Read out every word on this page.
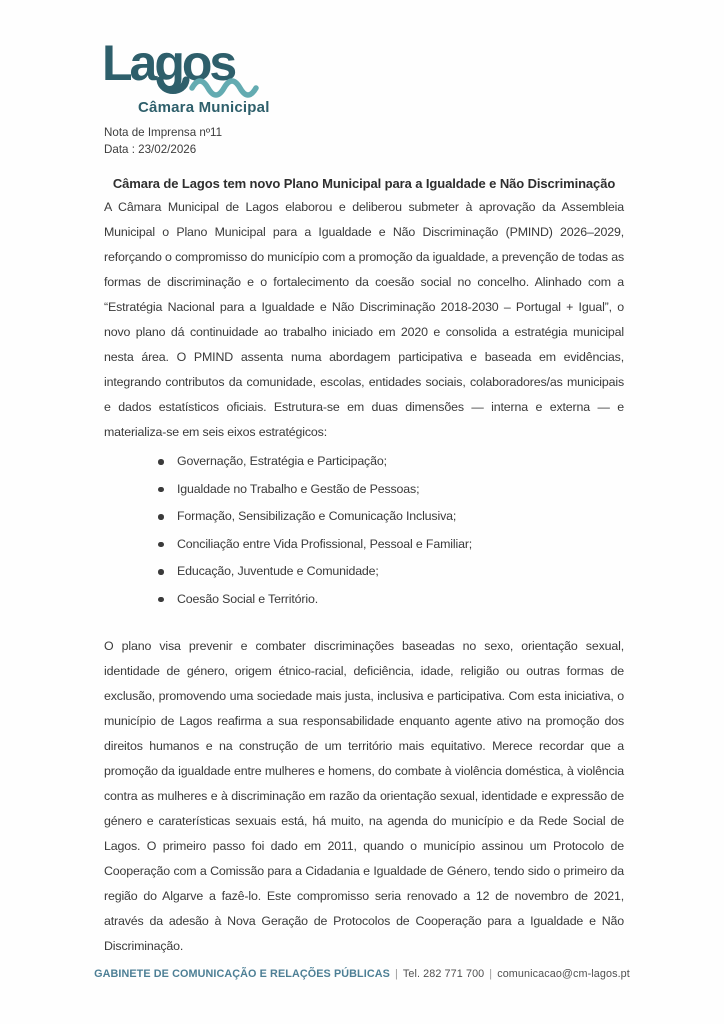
Lagos
Câmara Municipal
Nota de Imprensa nº11
Data : 23/02/2026
Câmara de Lagos tem novo Plano Municipal para a Igualdade e Não Discriminação

A Câmara Municipal de Lagos elaborou e deliberou submeter à aprovação da Assembleia Municipal o Plano Municipal para a Igualdade e Não Discriminação (PMIND) 2026–2029, reforçando o compromisso do município com a promoção da igualdade, a prevenção de todas as formas de discriminação e o fortalecimento da coesão social no concelho. Alinhado com a “Estratégia Nacional para a Igualdade e Não Discriminação 2018-2030 – Portugal + Igual”, o novo plano dá continuidade ao trabalho iniciado em 2020 e consolida a estratégia municipal nesta área. O PMIND assenta numa abordagem participativa e baseada em evidências, integrando contributos da comunidade, escolas, entidades sociais, colaboradores/as municipais e dados estatísticos oficiais. Estrutura-se em duas dimensões — interna e externa — e materializa-se em seis eixos estratégicos:

Governação, Estratégia e Participação;
Igualdade no Trabalho e Gestão de Pessoas;
Formação, Sensibilização e Comunicação Inclusiva;
Conciliação entre Vida Profissional, Pessoal e Familiar;
Educação, Juventude e Comunidade;
Coesão Social e Território.

O plano visa prevenir e combater discriminações baseadas no sexo, orientação sexual, identidade de género, origem étnico-racial, deficiência, idade, religião ou outras formas de exclusão, promovendo uma sociedade mais justa, inclusiva e participativa. Com esta iniciativa, o município de Lagos reafirma a sua responsabilidade enquanto agente ativo na promoção dos direitos humanos e na construção de um território mais equitativo. Merece recordar que a promoção da igualdade entre mulheres e homens, do combate à violência doméstica, à violência contra as mulheres e à discriminação em razão da orientação sexual, identidade e expressão de género e caraterísticas sexuais está, há muito, na agenda do município e da Rede Social de Lagos. O primeiro passo foi dado em 2011, quando o município assinou um Protocolo de Cooperação com a Comissão para a Cidadania e Igualdade de Género, tendo sido o primeiro da região do Algarve a fazê-lo. Este compromisso seria renovado a 12 de novembro de 2021, através da adesão à Nova Geração de Protocolos de Cooperação para a Igualdade e Não Discriminação.

GABINETE DE COMUNICAÇÃO E RELAÇÕES PÚBLICAS | Tel. 282 771 700 | comunicacao@cm-lagos.pt
